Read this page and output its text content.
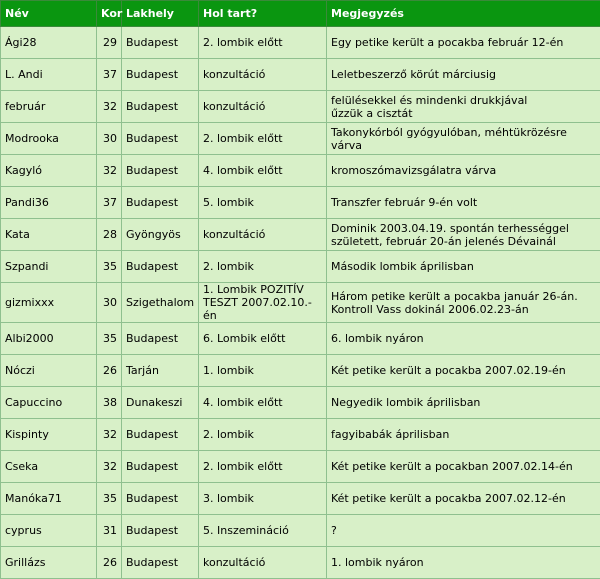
Név	Kor	Lakhely	Hol tart?	Megjegyzés
Ági28	29	Budapest	2. lombik előtt	Egy petike került a pocakba február 12-én
L. Andi	37	Budapest	konzultáció	Leletbeszerző körút márciusig
február	32	Budapest	konzultáció	felülésekkel és mindenki drukkjával
űzzük a cisztát
Modrooka	30	Budapest	2. lombik előtt	Takonykórból gyógyulóban, méhtükrözésre várva
Kagyló	32	Budapest	4. lombik előtt	kromoszómavizsgálatra várva
Pandi36	37	Budapest	5. lombik	Transzfer február 9-én volt
Kata	28	Gyöngyös	konzultáció	Dominik 2003.04.19. spontán terhességgel
született, február 20-án jelenés Dévainál
Szpandi	35	Budapest	2. lombik	Második lombik áprilisban
gizmixxx	30	Szigethalom	1. Lombik POZITÍV
TESZT 2007.02.10.-én	Három petike került a pocakba január 26-án.
Kontroll Vass dokinál 2006.02.23-án
Albi2000	35	Budapest	6. Lombik előtt	6. lombik nyáron
Nóczi	26	Tarján	1. lombik	Két petike került a pocakba 2007.02.19-én
Capuccino	38	Dunakeszi	4. lombik előtt	Negyedik lombik áprilisban
Kispinty	32	Budapest	2. lombik	fagyibabák áprilisban
Cseka	32	Budapest	2. lombik előtt	Két petike került a pocakban 2007.02.14-én
Manóka71	35	Budapest	3. lombik	Két petike került a pocakba 2007.02.12-én
cyprus	31	Budapest	5. Inszemináció	?
Grillázs	26	Budapest	konzultáció	1. lombik nyáron
